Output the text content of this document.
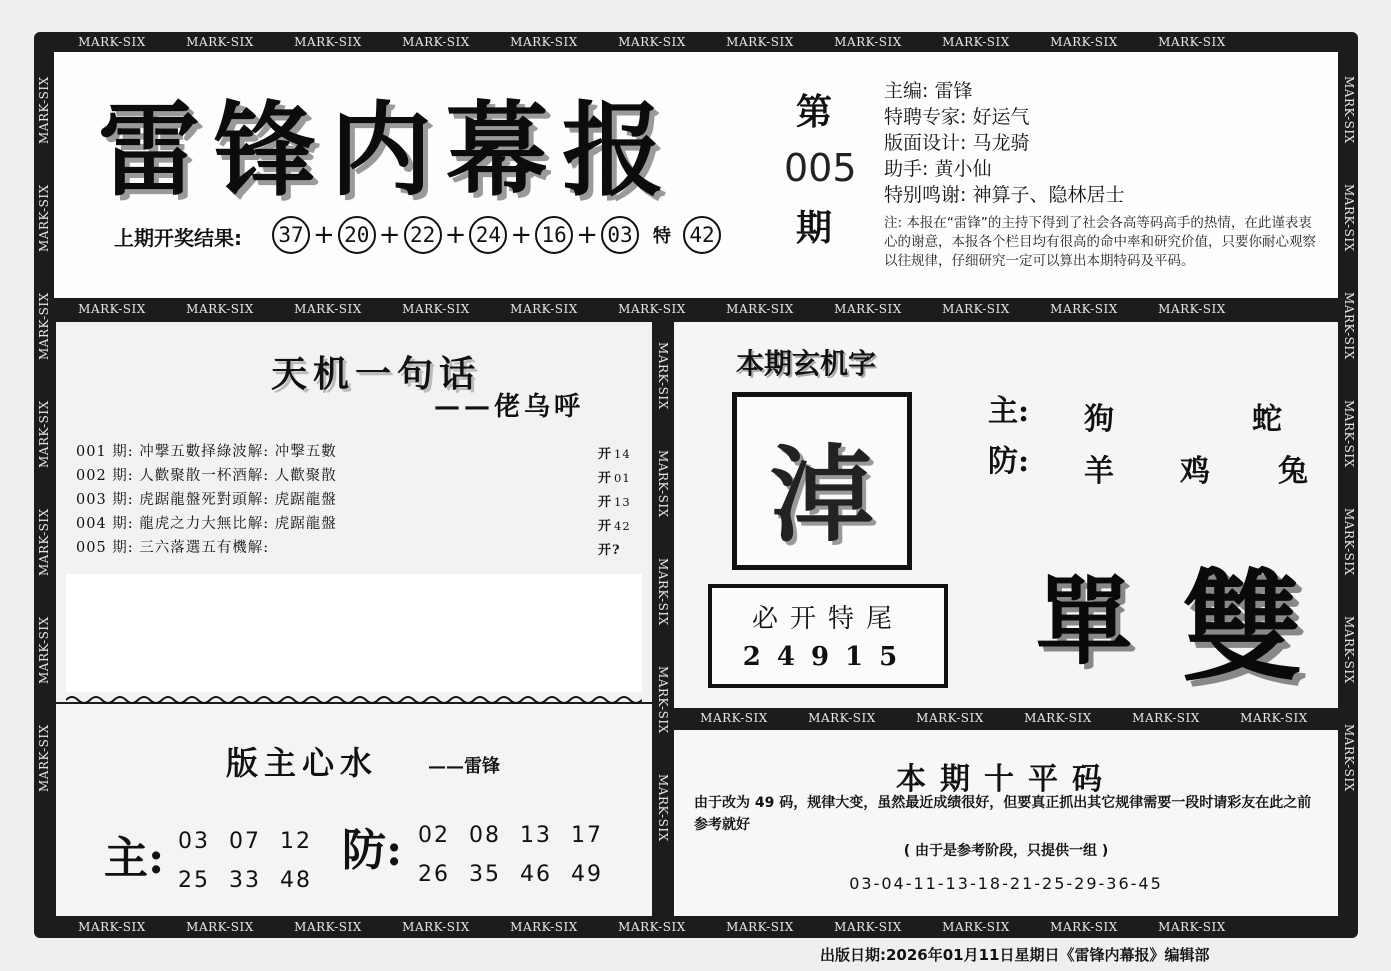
MARK-SIX	MARK-SIX	MARK-SIX	MARK-SIX	MARK-SIX	MARK-SIX	MARK-SIX	MARK-SIX	MARK-SIX	MARK-SIX	MARK-SIX
MARK-SIX	MARK-SIX	MARK-SIX	MARK-SIX	MARK-SIX	MARK-SIX	MARK-SIX	MARK-SIX	MARK-SIX	MARK-SIX	MARK-SIX
MARK-SIX	MARK-SIX	MARK-SIX	MARK-SIX	MARK-SIX	MARK-SIX
MARK-SIX	MARK-SIX	MARK-SIX	MARK-SIX	MARK-SIX	MARK-SIX	MARK-SIX	MARK-SIX	MARK-SIX	MARK-SIX	MARK-SIX
MARK-SIX
MARK-SIX
MARK-SIX
MARK-SIX
MARK-SIX
MARK-SIX
MARK-SIX
MARK-SIX
MARK-SIX
MARK-SIX
MARK-SIX
MARK-SIX
MARK-SIX
MARK-SIX
MARK-SIX
MARK-SIX
MARK-SIX
MARK-SIX
MARK-SIX
雷锋内幕报	第
005
期
上期开奖结果:	37 + 20 + 22 + 24 + 16 + 03	特 42
主编: 雷锋
特聘专家: 好运气
版面设计: 马龙骑
助手: 黄小仙
特别鸣谢: 神算子、隐林居士
注: 本报在“雷锋”的主持下得到了社会各高等码高手的热情，在此谨表衷心的谢意，本报各个栏目均有很高的命中率和研究价值，只要你耐心观察以往规律，仔细研究一定可以算出本期特码及平码。
天机一句话
——佬乌呼
001 期: 冲撃五數择綠波解: 冲撃五數	开 14
002 期: 人歡聚散一杯酒解: 人歡聚散	开 01
003 期: 虎踞龍盤死對頭解: 虎踞龍盤	开 13
004 期: 龍虎之力大無比解: 虎踞龍盤	开 42
005 期: 三六落選五有機解:	开?
版主心水	——雷锋
主: 03 07 12
25 33 48
防: 02 08 13 17
26 35 46 49
本期玄机字
淖
必开特尾
24915
主: 狗	蛇
防: 羊 鸡 兔
單 雙
本期十平码
由于改为 49 码，规律大变，虽然最近成绩很好，但要真正抓出其它规律需要一段时请彩友在此之前参考就好
( 由于是参考阶段，只提供一组 )
03-04-11-13-18-21-25-29-36-45
出版日期:2026年01月11日星期日《雷锋内幕报》编辑部
